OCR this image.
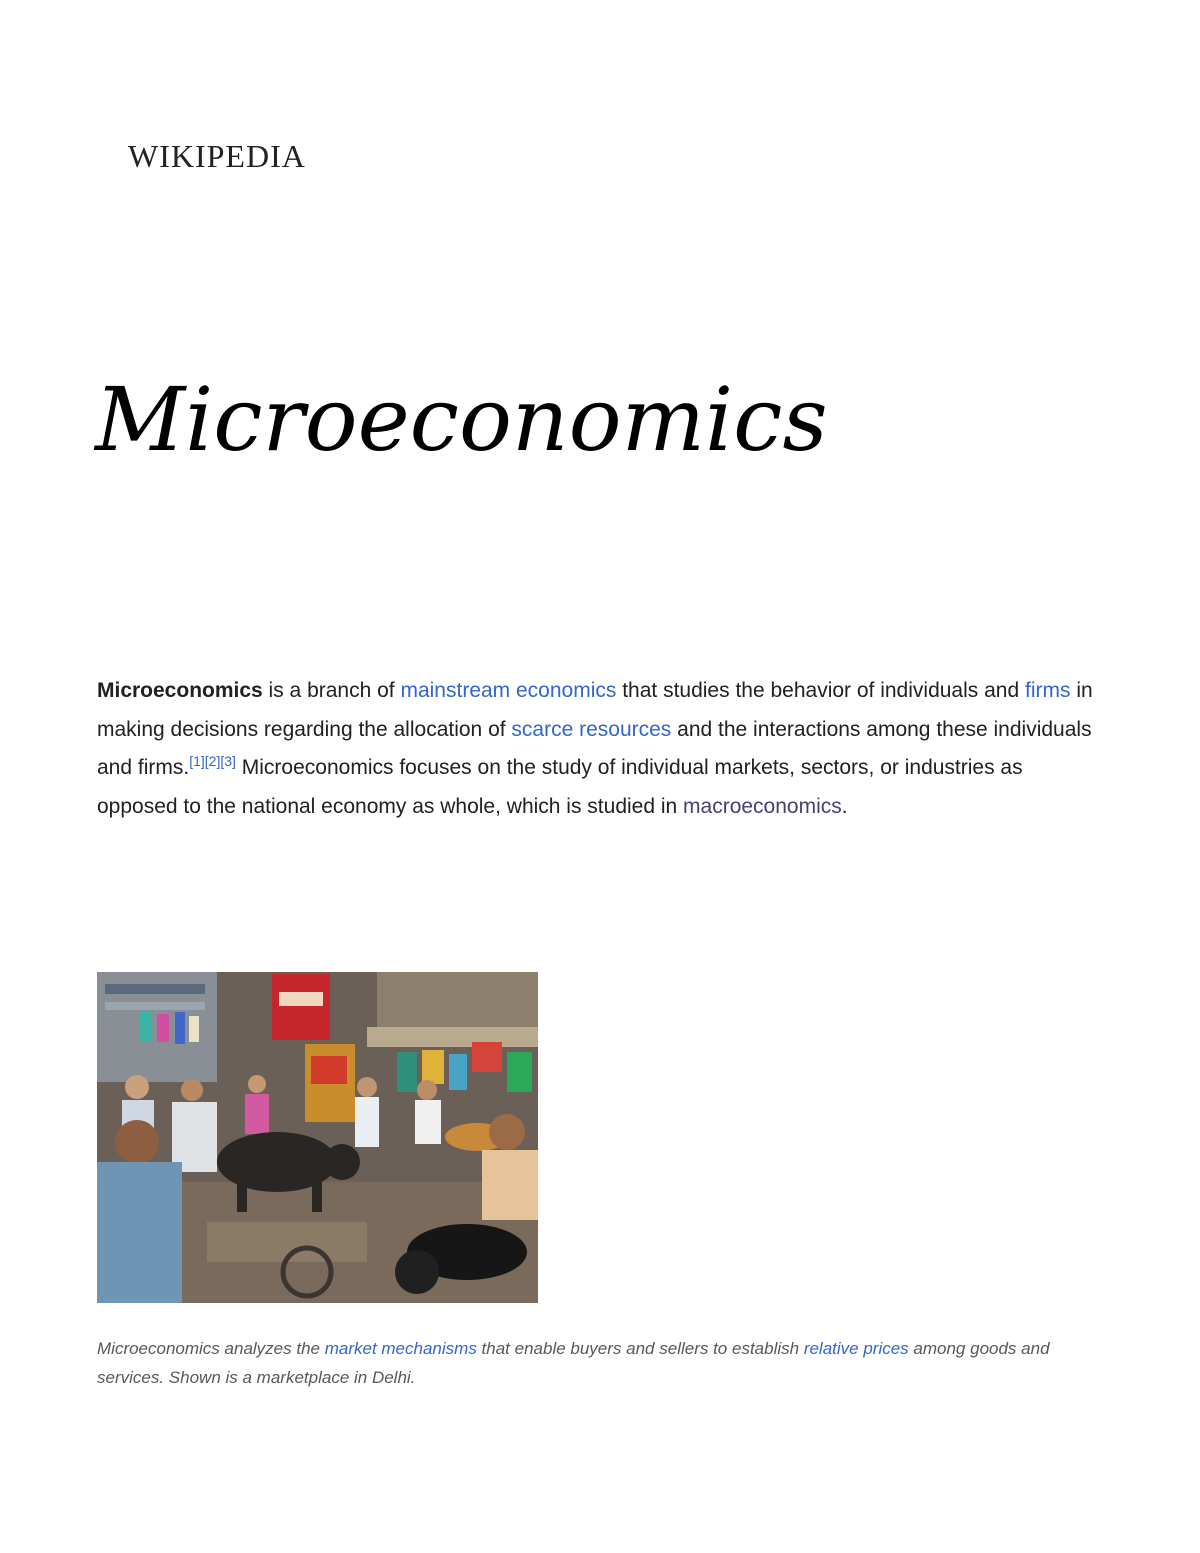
WIKIPEDIA
Microeconomics

Microeconomics is a branch of mainstream economics that studies the behavior of individuals and firms in making decisions regarding the allocation of scarce resources and the interactions among these individuals and firms.[1][2][3] Microeconomics focuses on the study of individual markets, sectors, or industries as opposed to the national economy as whole, which is studied in macroeconomics.

Microeconomics analyzes the market mechanisms that enable buyers and sellers to establish relative prices among goods and services. Shown is a marketplace in Delhi.
